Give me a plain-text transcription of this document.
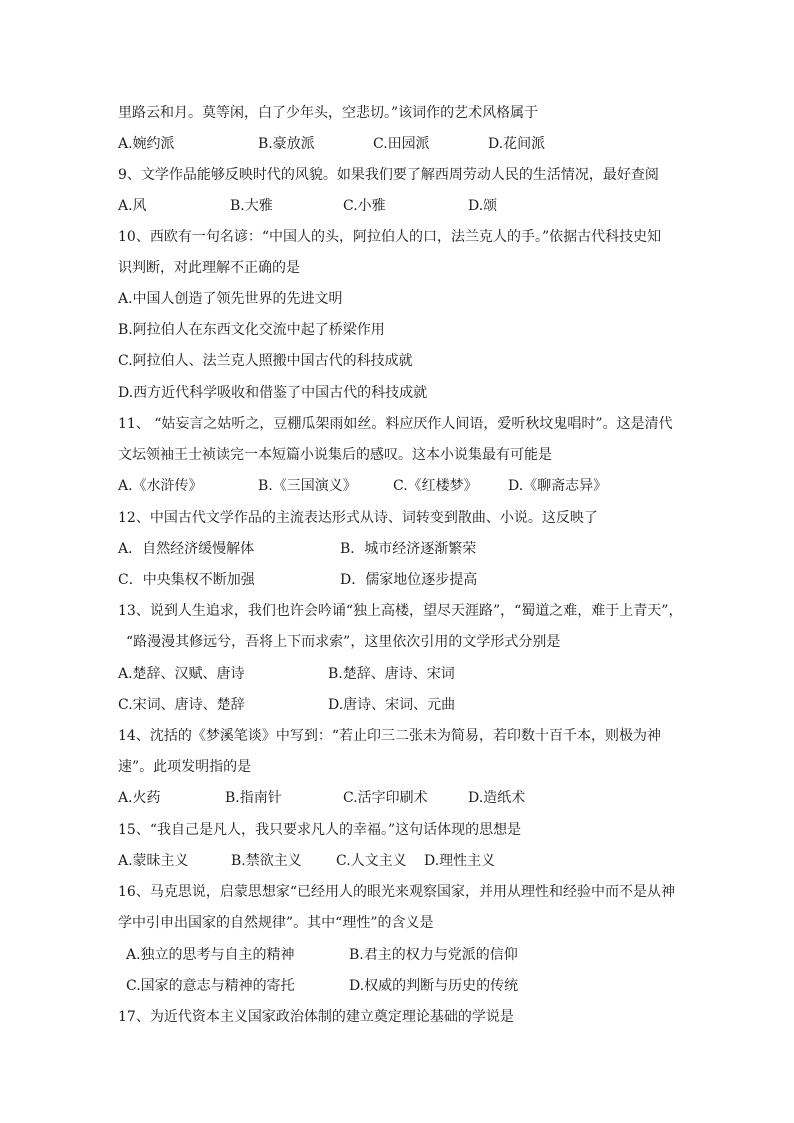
里路云和月。莫等闲，白了少年头，空悲切。”该词作的艺术风格属于
A.婉约派	B.豪放派	C.田园派	D.花间派
9、文学作品能够反映时代的风貌。如果我们要了解西周劳动人民的生活情况，最好查阅
A.风	B.大雅	C.小雅	D.颂
10、西欧有一句名谚：“中国人的头，阿拉伯人的口，法兰克人的手。”依据古代科技史知
识判断，对此理解不正确的是
A.中国人创造了领先世界的先进文明
B.阿拉伯人在东西文化交流中起了桥梁作用
C.阿拉伯人、法兰克人照搬中国古代的科技成就
D.西方近代科学吸收和借鉴了中国古代的科技成就
11、 “姑妄言之姑听之，豆棚瓜架雨如丝。料应厌作人间语，爱听秋坟鬼唱时”。这是清代
文坛领袖王士祯读完一本短篇小说集后的感叹。这本小说集最有可能是
A.《水浒传》	B.《三国演义》	C.《红楼梦》 D.《聊斋志异》
12、中国古代文学作品的主流表达形式从诗、词转变到散曲、小说。这反映了
A．自然经济缓慢解体	B．城市经济逐渐繁荣
C．中央集权不断加强	D．儒家地位逐步提高
13、说到人生追求，我们也许会吟诵“独上高楼，望尽天涯路”，“蜀道之难，难于上青天”，
“路漫漫其修远兮，吾将上下而求索”，这里依次引用的文学形式分别是
A.楚辞、汉赋、唐诗	B.楚辞、唐诗、宋词
C.宋词、唐诗、楚辞	D.唐诗、宋词、元曲
14、沈括的《梦溪笔谈》中写到：“若止印三二张未为简易，若印数十百千本，则极为神
速”。此项发明指的是
A.火药	B.指南针	C.活字印刷术	D.造纸术
15、“我自己是凡人，我只要求凡人的幸福。”这句话体现的思想是
A.蒙昧主义	B.禁欲主义 C.人文主义 D.理性主义
16、马克思说，启蒙思想家“已经用人的眼光来观察国家，并用从理性和经验中而不是从神
学中引申出国家的自然规律”。其中“理性”的含义是
A.独立的思考与自主的精神	B.君主的权力与党派的信仰
C.国家的意志与精神的寄托	D.权威的判断与历史的传统
17、为近代资本主义国家政治体制的建立奠定理论基础的学说是
